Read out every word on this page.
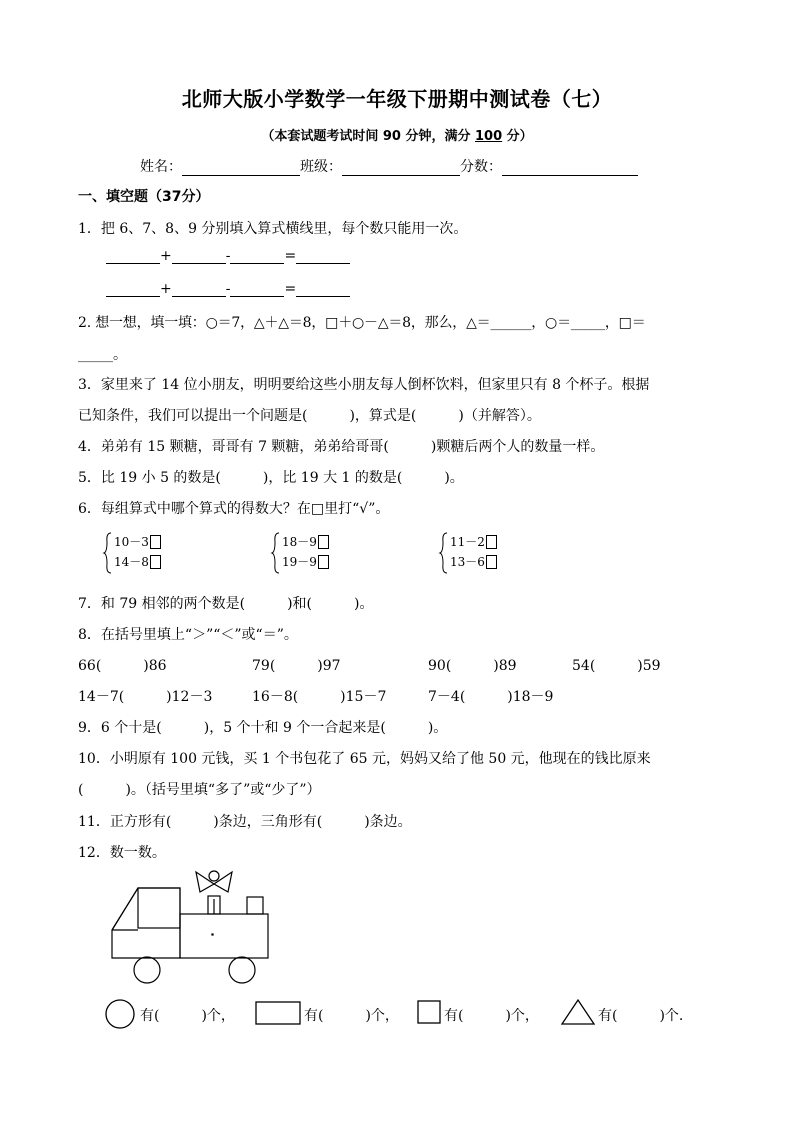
北师大版小学数学一年级下册期中测试卷（七）
（本套试题考试时间 90 分钟，满分 100 分）
姓名：	班级：	分数：
一、填空题（37分）
1．把 6、7、8、9 分别填入算式横线里，每个数只能用一次。
+	-	=
+	-	=
2. 想一想，填一填：○＝7，△＋△＝8，□＋○－△＝8，那么，△＝______，○＝_____，□＝
_____。
3．家里来了 14 位小朋友，明明要给这些小朋友每人倒杯饮料，但家里只有 8 个杯子。根据
已知条件，我们可以提出一个问题是(　　　)，算式是(　　　)（并解答）。
4．弟弟有 15 颗糖，哥哥有 7 颗糖，弟弟给哥哥(　　　)颗糖后两个人的数量一样。
5．比 19 小 5 的数是(　　　)，比 19 大 1 的数是(　　　)。
6．每组算式中哪个算式的得数大？在□里打“√”。
10－3
14－8
18－9
19－9
11－2
13－6
7．和 79 相邻的两个数是(　　　)和(　　　)。
8．在括号里填上“＞”“＜”或“＝”。
66(　　　)86	79(　　　)97	90(　　　)89	54(　　　)59
14－7(　　　)12－3	16－8(　　　)15－7	7－4(　　　)18－9
9．6 个十是(　　　)，5 个十和 9 个一合起来是(　　　)。
10．小明原有 100 元钱，买 1 个书包花了 65 元，妈妈又给了他 50 元，他现在的钱比原来
(　　　)。（括号里填“多了”或“少了”）
11．正方形有(　　　)条边，三角形有(　　　)条边。
12．数一数。
有(　　　)个，	有(　　　)个，	有(　　　)个，	有(　　　)个.
